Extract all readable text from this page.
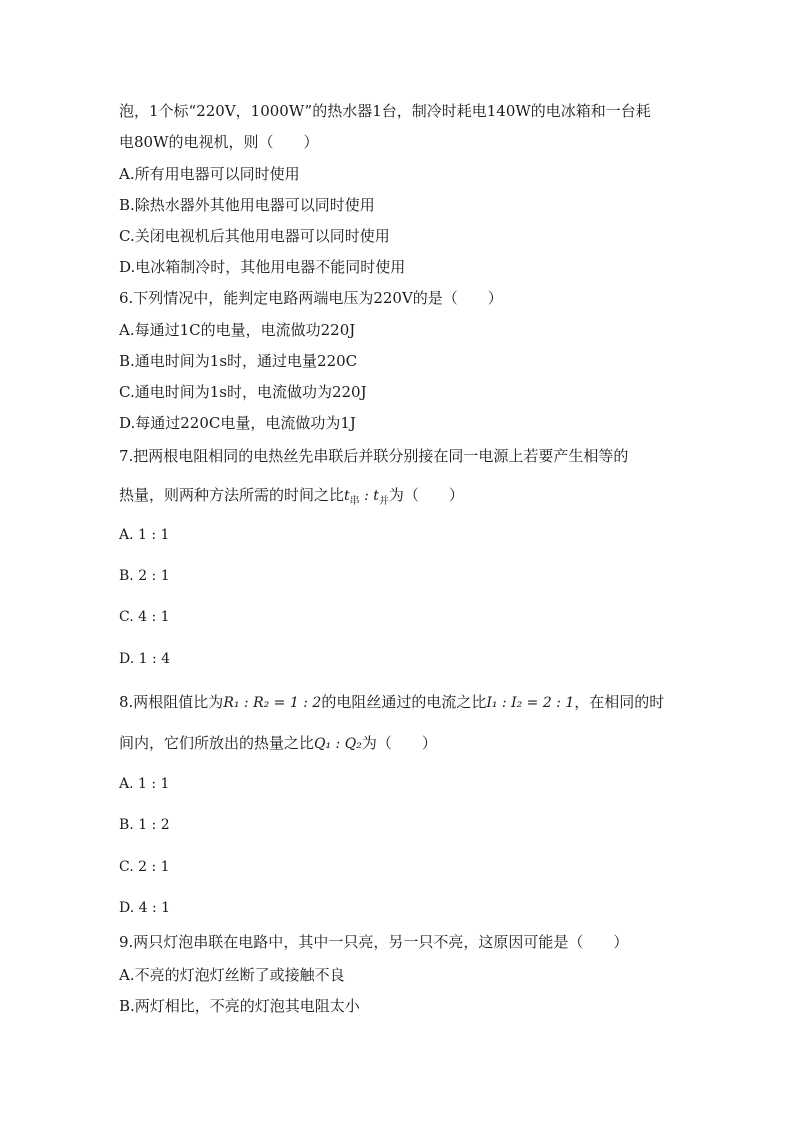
泡，1个标“220V，1000W”的热水器1台，制冷时耗电140W的电冰箱和一台耗
电80W的电视机，则（　　）
A.所有用电器可以同时使用
B.除热水器外其他用电器可以同时使用
C.关闭电视机后其他用电器可以同时使用
D.电冰箱制冷时，其他用电器不能同时使用
6.下列情况中，能判定电路两端电压为220V的是（　　）
A.每通过1C的电量，电流做功220J
B.通电时间为1s时，通过电量220C
C.通电时间为1s时，电流做功为220J
D.每通过220C电量，电流做功为1J
7.把两根电阻相同的电热丝先串联后并联分别接在同一电源上若要产生相等的
热量，则两种方法所需的时间之比$t_串$ : $t_并$为（　　）
A. 1 : 1
B. 2 : 1
C. 4 : 1
D. 1 : 4
8.两根阻值比为R₁ : R₂ = 1 : 2的电阻丝通过的电流之比I₁ : I₂ = 2 : 1，在相同的时
间内，它们所放出的热量之比Q₁ : Q₂为（　　）
A. 1 : 1
B. 1 : 2
C. 2 : 1
D. 4 : 1
9.两只灯泡串联在电路中，其中一只亮，另一只不亮，这原因可能是（　　）
A.不亮的灯泡灯丝断了或接触不良
B.两灯相比，不亮的灯泡其电阻太小
